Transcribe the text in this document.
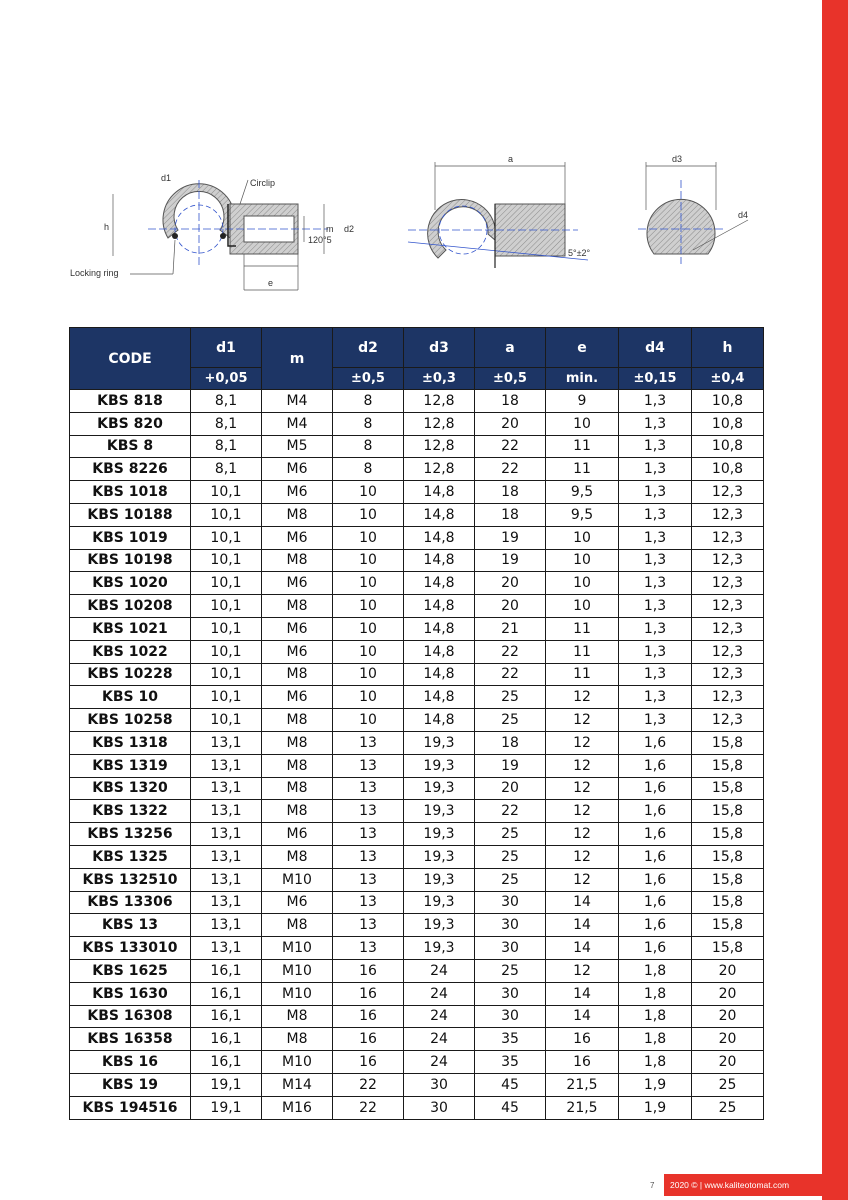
d1	Circlip
h
120°5
m d2
Locking ring
e
a
5°±2°
d3
d4
CODE	d1	m	d2	d3	a	e	d4	h
	+0,05		±0,5	±0,3	±0,5	min.	±0,15	±0,4
KBS 818	8,1	M4	8	12,8	18	9	1,3	10,8
KBS 820	8,1	M4	8	12,8	20	10	1,3	10,8
KBS 8	8,1	M5	8	12,8	22	11	1,3	10,8
KBS 8226	8,1	M6	8	12,8	22	11	1,3	10,8
KBS 1018	10,1	M6	10	14,8	18	9,5	1,3	12,3
KBS 10188	10,1	M8	10	14,8	18	9,5	1,3	12,3
KBS 1019	10,1	M6	10	14,8	19	10	1,3	12,3
KBS 10198	10,1	M8	10	14,8	19	10	1,3	12,3
KBS 1020	10,1	M6	10	14,8	20	10	1,3	12,3
KBS 10208	10,1	M8	10	14,8	20	10	1,3	12,3
KBS 1021	10,1	M6	10	14,8	21	11	1,3	12,3
KBS 1022	10,1	M6	10	14,8	22	11	1,3	12,3
KBS 10228	10,1	M8	10	14,8	22	11	1,3	12,3
KBS 10	10,1	M6	10	14,8	25	12	1,3	12,3
KBS 10258	10,1	M8	10	14,8	25	12	1,3	12,3
KBS 1318	13,1	M8	13	19,3	18	12	1,6	15,8
KBS 1319	13,1	M8	13	19,3	19	12	1,6	15,8
KBS 1320	13,1	M8	13	19,3	20	12	1,6	15,8
KBS 1322	13,1	M8	13	19,3	22	12	1,6	15,8
KBS 13256	13,1	M6	13	19,3	25	12	1,6	15,8
KBS 1325	13,1	M8	13	19,3	25	12	1,6	15,8
KBS 132510	13,1	M10	13	19,3	25	12	1,6	15,8
KBS 13306	13,1	M6	13	19,3	30	14	1,6	15,8
KBS 13	13,1	M8	13	19,3	30	14	1,6	15,8
KBS 133010	13,1	M10	13	19,3	30	14	1,6	15,8
KBS 1625	16,1	M10	16	24	25	12	1,8	20
KBS 1630	16,1	M10	16	24	30	14	1,8	20
KBS 16308	16,1	M8	16	24	30	14	1,8	20
KBS 16358	16,1	M8	16	24	35	16	1,8	20
KBS 16	16,1	M10	16	24	35	16	1,8	20
KBS 19	19,1	M14	22	30	45	21,5	1,9	25
KBS 194516	19,1	M16	22	30	45	21,5	1,9	25
7	2020 © | www.kaliteotomat.com
